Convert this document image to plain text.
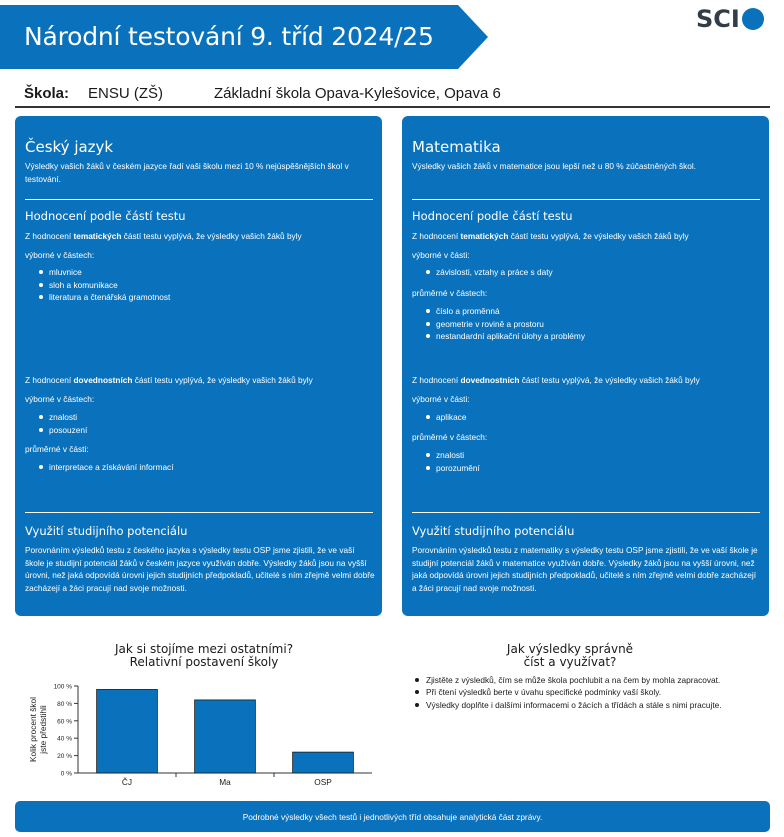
Národní testování 9. tříd 2024/25
SCI
Škola:	ENSU (ZŠ)	Základní škola Opava-Kylešovice, Opava 6
Český jazyk
Výsledky vašich žáků v českém jazyce řadí vaši školu mezi 10 % nejúspěšnějších škol v testování.
Hodnocení podle částí testu
Z hodnocení tematických částí testu vyplývá, že výsledky vašich žáků byly
výborné v částech:
mluvnice
sloh a komunikace
literatura a čtenářská gramotnost
Z hodnocení dovednostních částí testu vyplývá, že výsledky vašich žáků byly
výborné v částech:
znalosti
posouzení
průměrné v části:
interpretace a získávání informací
Využití studijního potenciálu
Porovnáním výsledků testu z českého jazyka s výsledky testu OSP jsme zjistili, že ve vaší škole je studijní potenciál žáků v českém jazyce využíván dobře. Výsledky žáků jsou na vyšší úrovni, než jaká odpovídá úrovni jejich studijních předpokladů, učitelé s ním zřejmě velmi dobře zacházejí a žáci pracují nad svoje možnosti.
Matematika
Výsledky vašich žáků v matematice jsou lepší než u 80 % zúčastněných škol.
Hodnocení podle částí testu
Z hodnocení tematických částí testu vyplývá, že výsledky vašich žáků byly
výborné v části:
závislosti, vztahy a práce s daty
průměrné v částech:
číslo a proměnná
geometrie v rovině a prostoru
nestandardní aplikační úlohy a problémy
Z hodnocení dovednostních částí testu vyplývá, že výsledky vašich žáků byly
výborné v části:
aplikace
průměrné v částech:
znalosti
porozumění
Využití studijního potenciálu
Porovnáním výsledků testu z matematiky s výsledky testu OSP jsme zjistili, že ve vaší škole je studijní potenciál žáků v matematice využíván dobře. Výsledky žáků jsou na vyšší úrovni, než jaká odpovídá úrovni jejich studijních předpokladů, učitelé s ním zřejmě velmi dobře zacházejí a žáci pracují nad svoje možnosti.
Jak si stojíme mezi ostatními?
Relativní postavení školy
Kolik procent školjste předstihli
0 %
20 %
40 %
60 %
80 %
100 %
ČJ	Ma	OSP
Jak výsledky správně
číst a využívat?
Zjistěte z výsledků, čím se může škola pochlubit a na čem by mohla zapracovat.
Při čtení výsledků berte v úvahu specifické podmínky vaší školy.
Výsledky doplňte i dalšími informacemi o žácích a třídách a stále s nimi pracujte.
Podrobné výsledky všech testů i jednotlivých tříd obsahuje analytická část zprávy.
